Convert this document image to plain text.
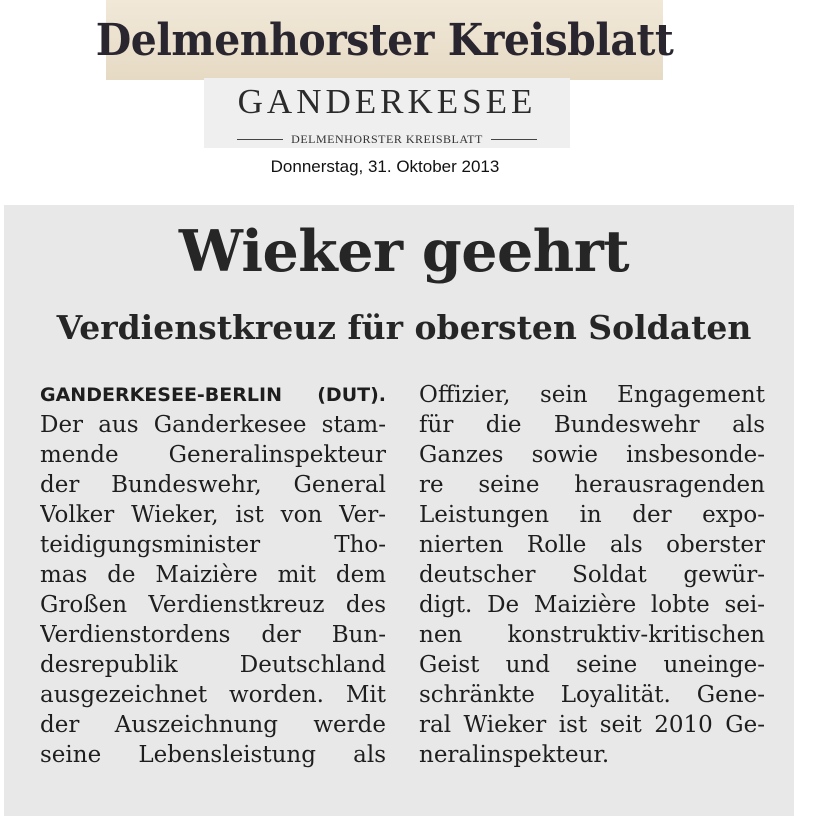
Delmenhorster Kreisblatt
GANDERKESEE
DELMENHORSTER KREISBLATT
Donnerstag, 31. Oktober 2013
Wieker geehrt
Verdienstkreuz für obersten Soldaten
GANDERKESEE-BERLIN (DUT).
Der aus Ganderkesee stam-
mende Generalinspekteur
der Bundeswehr, General
Volker Wieker, ist von Ver-
teidigungsminister Tho-
mas de Maizière mit dem
Großen Verdienstkreuz des
Verdienstordens der Bun-
desrepublik Deutschland
ausgezeichnet worden. Mit
der Auszeichnung werde
seine Lebensleistung als
Offizier, sein Engagement
für die Bundeswehr als
Ganzes sowie insbesonde-
re seine herausragenden
Leistungen in der expo-
nierten Rolle als oberster
deutscher Soldat gewür-
digt. De Maizière lobte sei-
nen konstruktiv-kritischen
Geist und seine uneinge-
schränkte Loyalität. Gene-
ral Wieker ist seit 2010 Ge-
neralinspekteur.
